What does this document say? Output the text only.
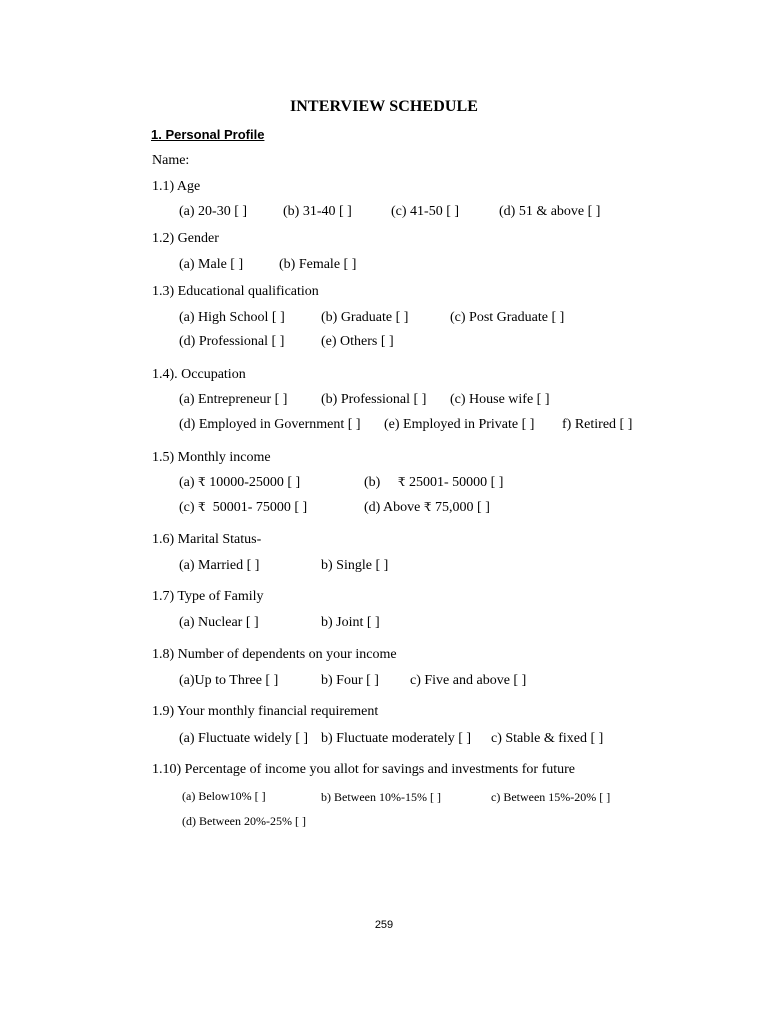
INTERVIEW SCHEDULE
1. Personal Profile
Name:
1.1) Age
(a) 20-30 [ ]	(b) 31-40 [ ]	(c) 41-50 [ ]	(d) 51 & above [ ]
1.2) Gender
(a) Male [ ]	(b) Female [ ]
1.3) Educational qualification
(a) High School [ ]	(b) Graduate [ ]	(c) Post Graduate [ ]
(d) Professional [ ]	(e) Others [ ]
1.4). Occupation
(a) Entrepreneur [ ] (b) Professional [ ] (c) House wife [ ]
(d) Employed in Government [ ] (e) Employed in Private [ ] f) Retired [ ]
1.5) Monthly income
(a) ₹ 10000-25000 [ ]	(b) ₹ 25001- 50000 [ ]
(c) ₹ 50001- 75000 [ ]	(d) Above ₹ 75,000 [ ]
1.6) Marital Status-
(a) Married [ ]	b) Single [ ]
1.7) Type of Family
(a) Nuclear [ ]	b) Joint [ ]
1.8) Number of dependents on your income
(a)Up to Three [ ]	b) Four [ ] c) Five and above [ ]
1.9) Your monthly financial requirement
(a) Fluctuate widely [ ] b) Fluctuate moderately [ ] c) Stable & fixed [ ]
1.10) Percentage of income you allot for savings and investments for future
(a) Below10% [ ]	b) Between 10%-15% [ ]	c) Between 15%-20% [ ]
(d) Between 20%-25% [ ]
259
